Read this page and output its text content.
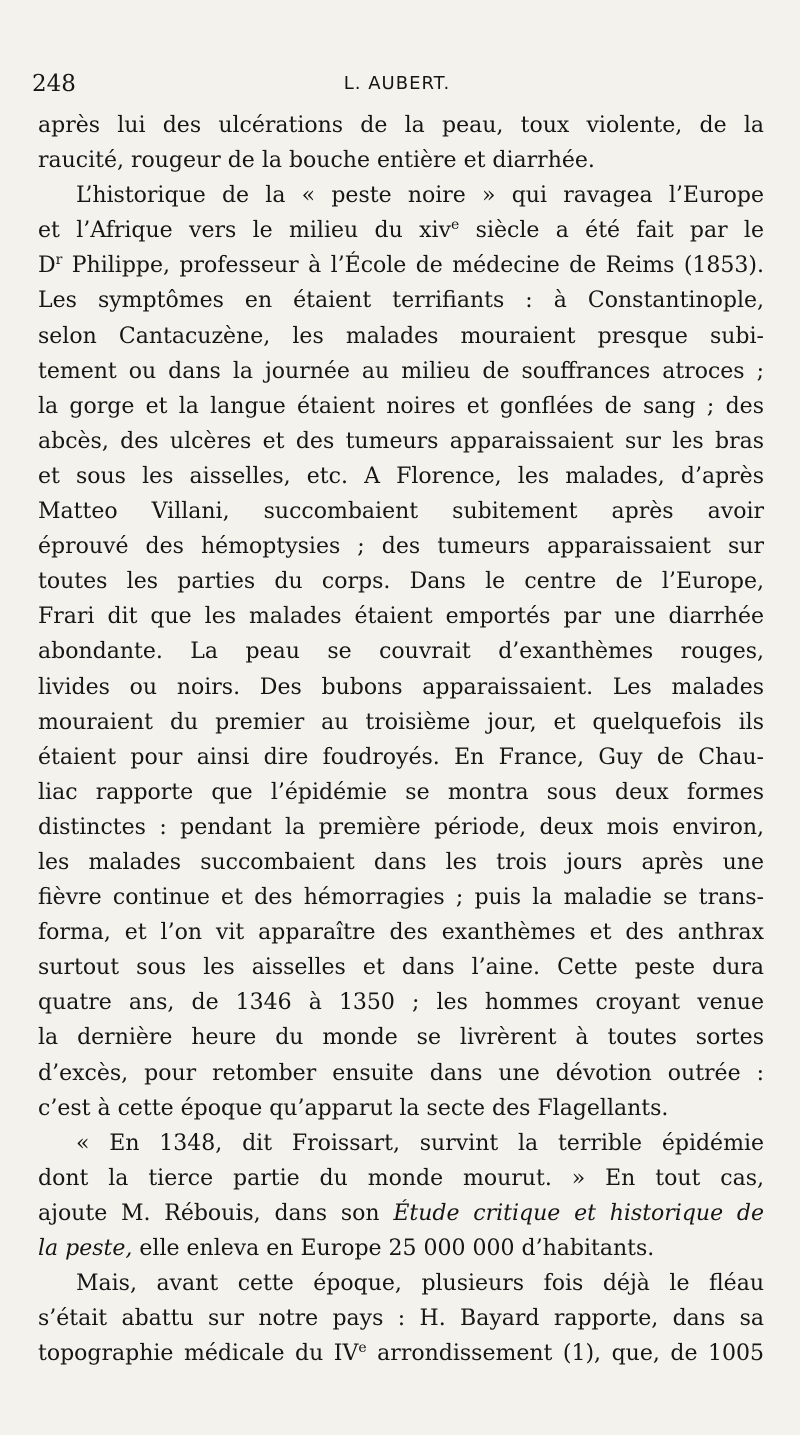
248	L. AUBERT.
après lui des ulcérations de la peau, toux violente, de la
raucité, rougeur de la bouche entière et diarrhée.
L’historique de la « peste noire » qui ravagea l’Europe
et l’Afrique vers le milieu du xiv$^e$ siècle a été fait par le
$D^r$ Philippe, professeur à l’École de médecine de Reims (1853).
Les symptômes en étaient terrifiants : à Constantinople,
selon Cantacuzène, les malades mouraient presque subi-
tement ou dans la journée au milieu de souffrances atroces ;
la gorge et la langue étaient noires et gonflées de sang ; des
abcès, des ulcères et des tumeurs apparaissaient sur les bras
et sous les aisselles, etc. A Florence, les malades, d’après
Matteo Villani, succombaient subitement après avoir
éprouvé des hémoptysies ; des tumeurs apparaissaient sur
toutes les parties du corps. Dans le centre de l’Europe,
Frari dit que les malades étaient emportés par une diarrhée
abondante. La peau se couvrait d’exanthèmes rouges,
livides ou noirs. Des bubons apparaissaient. Les malades
mouraient du premier au troisième jour, et quelquefois ils
étaient pour ainsi dire foudroyés. En France, Guy de Chau-
liac rapporte que l’épidémie se montra sous deux formes
distinctes : pendant la première période, deux mois environ,
les malades succombaient dans les trois jours après une
fièvre continue et des hémorragies ; puis la maladie se trans-
forma, et l’on vit apparaître des exanthèmes et des anthrax
surtout sous les aisselles et dans l’aine. Cette peste dura
quatre ans, de 1346 à 1350 ; les hommes croyant venue
la dernière heure du monde se livrèrent à toutes sortes
d’excès, pour retomber ensuite dans une dévotion outrée :
c’est à cette époque qu’apparut la secte des Flagellants.
« En 1348, dit Froissart, survint la terrible épidémie
dont la tierce partie du monde mourut. » En tout cas,
ajoute M. Rébouis, dans son Étude critique et historique de
la peste, elle enleva en Europe 25 000 000 d’habitants.
Mais, avant cette époque, plusieurs fois déjà le fléau
s’était abattu sur notre pays : H. Bayard rapporte, dans sa
topographie médicale du IVe arrondissement (1), que, de 1005
